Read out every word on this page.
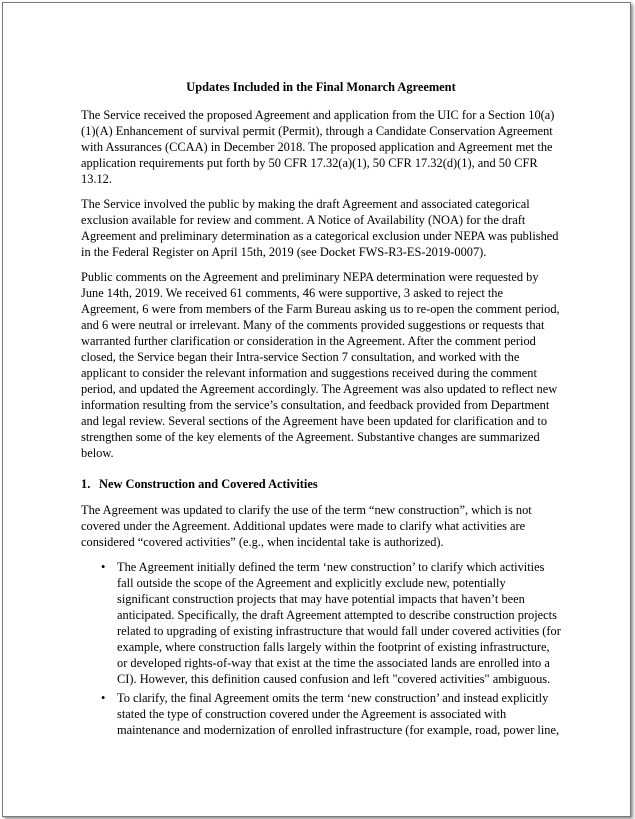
Updates Included in the Final Monarch Agreement

The Service received the proposed Agreement and application from the UIC for a Section 10(a)(1)(A) Enhancement of survival permit (Permit), through a Candidate Conservation Agreement with Assurances (CCAA) in December 2018. The proposed application and Agreement met the application requirements put forth by 50 CFR 17.32(a)(1), 50 CFR 17.32(d)(1), and 50 CFR 13.12.

The Service involved the public by making the draft Agreement and associated categorical exclusion available for review and comment. A Notice of Availability (NOA) for the draft Agreement and preliminary determination as a categorical exclusion under NEPA was published in the Federal Register on April 15th, 2019 (see Docket FWS-R3-ES-2019-0007).

Public comments on the Agreement and preliminary NEPA determination were requested by June 14th, 2019. We received 61 comments, 46 were supportive, 3 asked to reject the Agreement, 6 were from members of the Farm Bureau asking us to re-open the comment period, and 6 were neutral or irrelevant. Many of the comments provided suggestions or requests that warranted further clarification or consideration in the Agreement. After the comment period closed, the Service began their Intra-service Section 7 consultation, and worked with the applicant to consider the relevant information and suggestions received during the comment period, and updated the Agreement accordingly. The Agreement was also updated to reflect new information resulting from the service’s consultation, and feedback provided from Department and legal review. Several sections of the Agreement have been updated for clarification and to strengthen some of the key elements of the Agreement. Substantive changes are summarized below.

1. New Construction and Covered Activities

The Agreement was updated to clarify the use of the term “new construction”, which is not covered under the Agreement. Additional updates were made to clarify what activities are considered “covered activities” (e.g., when incidental take is authorized).

• The Agreement initially defined the term ‘new construction’ to clarify which activities fall outside the scope of the Agreement and explicitly exclude new, potentially significant construction projects that may have potential impacts that haven’t been anticipated. Specifically, the draft Agreement attempted to describe construction projects related to upgrading of existing infrastructure that would fall under covered activities (for example, where construction falls largely within the footprint of existing infrastructure, or developed rights-of-way that exist at the time the associated lands are enrolled into a CI). However, this definition caused confusion and left "covered activities" ambiguous.
• To clarify, the final Agreement omits the term ‘new construction’ and instead explicitly stated the type of construction covered under the Agreement is associated with maintenance and modernization of enrolled infrastructure (for example, road, power line,
